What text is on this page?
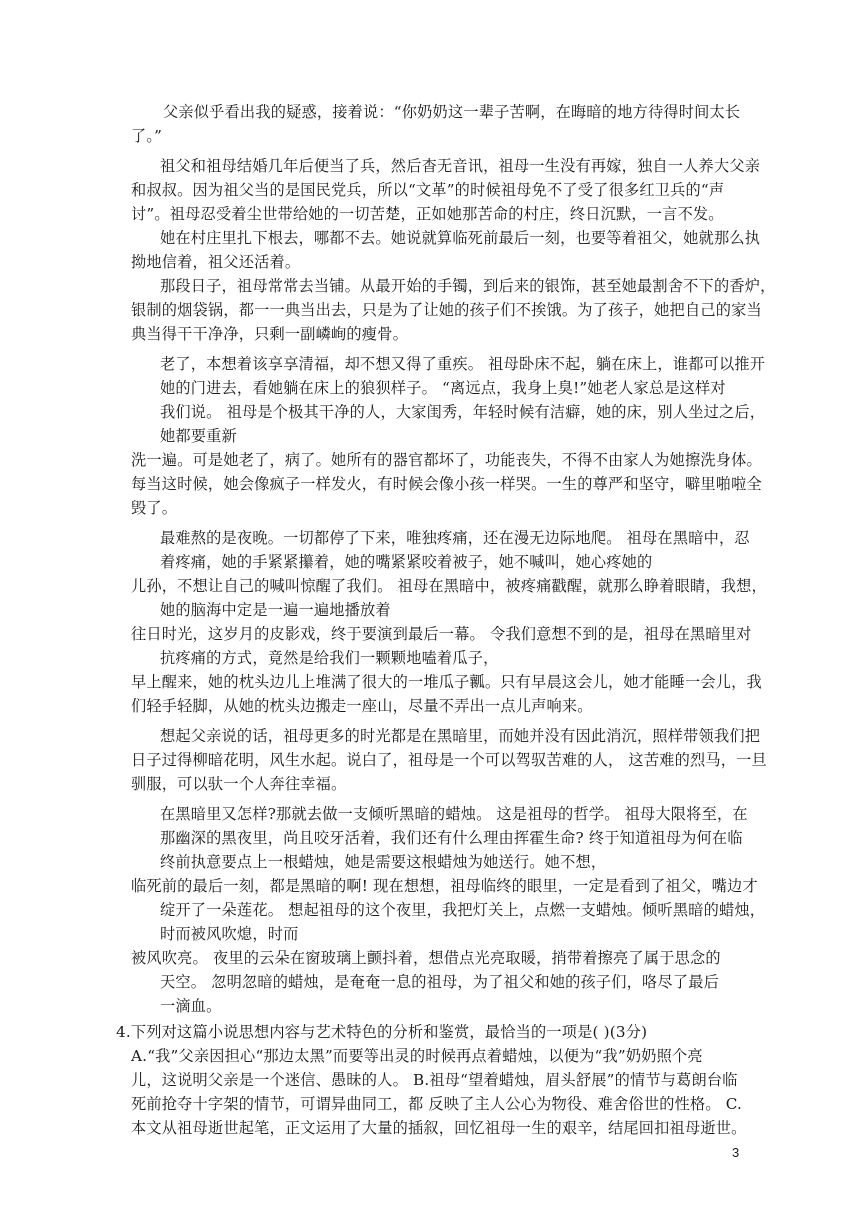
父亲似乎看出我的疑惑，接着说：“你奶奶这一辈子苦啊，在晦暗的地方待得时间太长
了。”
祖父和祖母结婚几年后便当了兵，然后杳无音讯，祖母一生没有再嫁，独自一人养大父亲
和叔叔。因为祖父当的是国民党兵，所以“文革”的时候祖母免不了受了很多红卫兵的“声
讨”。祖母忍受着尘世带给她的一切苦楚，正如她那苦命的村庄，终日沉默，一言不发。
她在村庄里扎下根去，哪都不去。她说就算临死前最后一刻，也要等着祖父，她就那么执
拗地信着，祖父还活着。
那段日子，祖母常常去当铺。从最开始的手镯，到后来的银饰，甚至她最割舍不下的香炉，
银制的烟袋锅，都一一典当出去，只是为了让她的孩子们不挨饿。为了孩子，她把自己的家当
典当得干干净净，只剩一副嶙峋的瘦骨。
老了，本想着该享享清福，却不想又得了重疾。 祖母卧床不起，躺在床上，谁都可以推开
她的门进去，看她躺在床上的狼狈样子。 “离远点，我身上臭!”她老人家总是这样对
我们说。 祖母是个极其干净的人，大家闺秀，年轻时候有洁癖，她的床，别人坐过之后，
她都要重新
洗一遍。可是她老了，病了。她所有的器官都坏了，功能丧失，不得不由家人为她擦洗身体。
每当这时候，她会像疯子一样发火，有时候会像小孩一样哭。一生的尊严和坚守，噼里啪啦全
毁了。
最难熬的是夜晚。一切都停了下来，唯独疼痛，还在漫无边际地爬。 祖母在黑暗中，忍
着疼痛，她的手紧紧攥着，她的嘴紧紧咬着被子，她不喊叫，她心疼她的
儿孙，不想让自己的喊叫惊醒了我们。 祖母在黑暗中，被疼痛戳醒，就那么睁着眼睛，我想，
她的脑海中定是一遍一遍地播放着
往日时光，这岁月的皮影戏，终于要演到最后一幕。 令我们意想不到的是，祖母在黑暗里对
抗疼痛的方式，竟然是给我们一颗颗地嗑着瓜子，
早上醒来，她的枕头边儿上堆满了很大的一堆瓜子瓤。只有早晨这会儿，她才能睡一会儿，我
们轻手轻脚，从她的枕头边搬走一座山，尽量不弄出一点儿声响来。
想起父亲说的话，祖母更多的时光都是在黑暗里，而她并没有因此消沉，照样带领我们把
日子过得柳暗花明，风生水起。说白了，祖母是一个可以驾驭苦难的人， 这苦难的烈马，一旦
驯服，可以驮一个人奔往幸福。
在黑暗里又怎样?那就去做一支倾听黑暗的蜡烛。 这是祖母的哲学。 祖母大限将至，在
那幽深的黑夜里，尚且咬牙活着，我们还有什么理由挥霍生命? 终于知道祖母为何在临
终前执意要点上一根蜡烛，她是需要这根蜡烛为她送行。她不想，
临死前的最后一刻，都是黑暗的啊! 现在想想，祖母临终的眼里，一定是看到了祖父，嘴边才
绽开了一朵莲花。 想起祖母的这个夜里，我把灯关上，点燃一支蜡烛。倾听黑暗的蜡烛，
时而被风吹熄，时而
被风吹亮。 夜里的云朵在窗玻璃上颤抖着，想借点光亮取暖，捎带着擦亮了属于思念的
天空。 忽明忽暗的蜡烛，是奄奄一息的祖母，为了祖父和她的孩子们，咯尽了最后
一滴血。
4.下列对这篇小说思想内容与艺术特色的分析和鉴赏，最恰当的一项是( )(3分)
A.“我”父亲因担心“那边太黑”而要等出灵的时候再点着蜡烛，以便为“我”奶奶照个亮
儿，这说明父亲是一个迷信、愚昧的人。 B.祖母“望着蜡烛，眉头舒展”的情节与葛朗台临
死前抢夺十字架的情节，可谓异曲同工，都 反映了主人公心为物役、难舍俗世的性格。 C.
本文从祖母逝世起笔，正文运用了大量的插叙，回忆祖母一生的艰辛，结尾回扣祖母逝世。
3
